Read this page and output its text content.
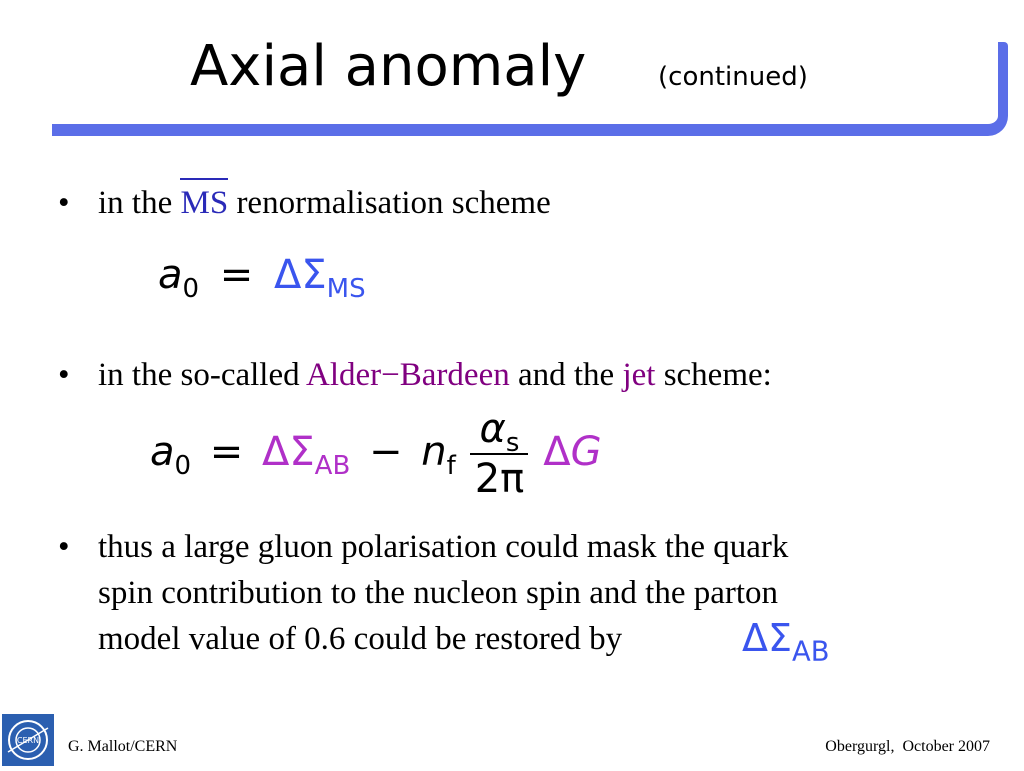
Axial anomaly	(continued)
• in the MS renormalisation scheme
$a_0 = \Delta\Sigma_{MS}$
• in the so-called Alder−Bardeen and the jet scheme:
$a_0 = \Delta\Sigma_{AB} - n_f \frac{\alpha_s}{2\pi}$ ΔG
• thus a large gluon polarisation could mask the quark
spin contribution to the nucleon spin and the parton
model value of 0.6 could be restored by	$\Delta\Sigma_{AB}$
CERN G. Mallot/CERN	Obergurgl,  October 2007
